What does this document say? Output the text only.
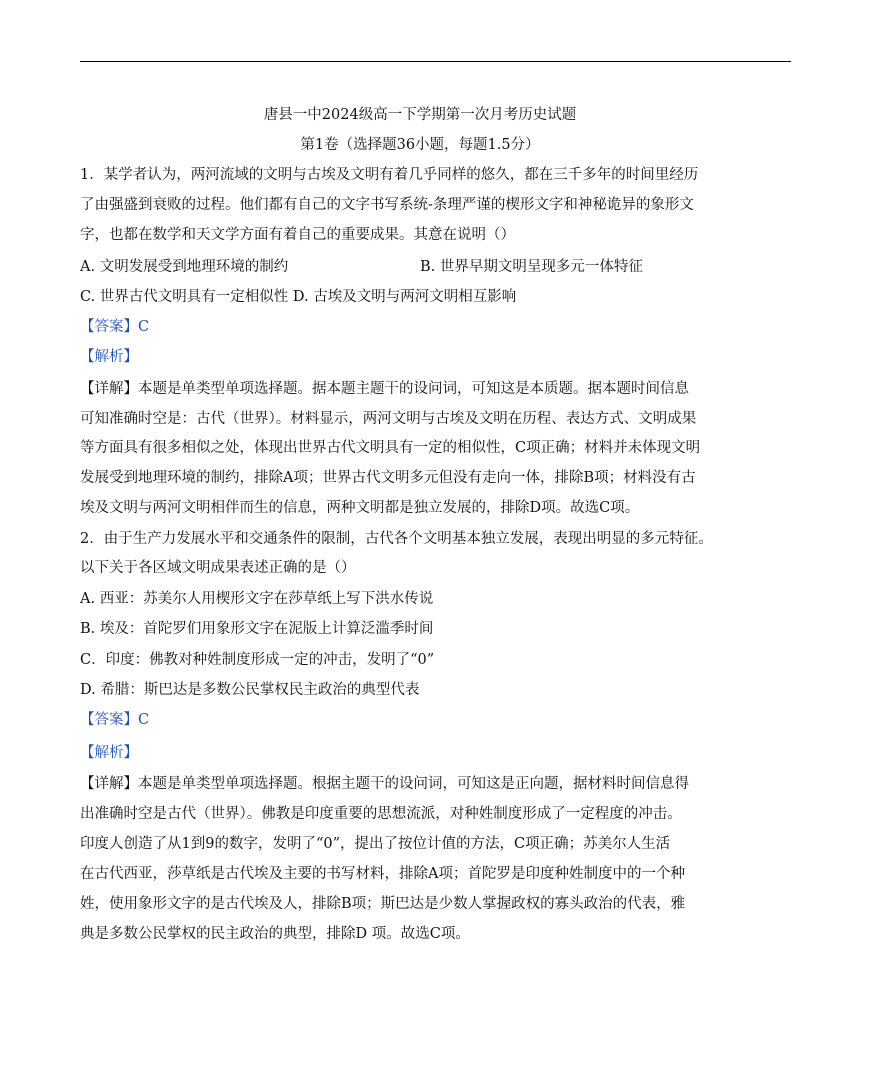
唐县一中2024级高一下学期第一次月考历史试题
第1卷（选择题36小题，每题1.5分）
1．某学者认为，两河流域的文明与古埃及文明有着几乎同样的悠久，都在三千多年的时间里经历
了由强盛到衰败的过程。他们都有自己的文字书写系统-条理严谨的楔形文字和神秘诡异的象形文
字，也都在数学和天文学方面有着自己的重要成果。其意在说明（）
A. 文明发展受到地理环境的制约	B. 世界早期文明呈现多元一体特征
C. 世界古代文明具有一定相似性 D. 古埃及文明与两河文明相互影响
【答案】C
【解析】
【详解】本题是单类型单项选择题。据本题主题干的设问词，可知这是本质题。据本题时间信息
可知准确时空是：古代（世界）。材料显示，两河文明与古埃及文明在历程、表达方式、文明成果
等方面具有很多相似之处，体现出世界古代文明具有一定的相似性，C项正确；材料并未体现文明
发展受到地理环境的制约，排除A项；世界古代文明多元但没有走向一体，排除B项；材料没有古
埃及文明与两河文明相伴而生的信息，两种文明都是独立发展的，排除D项。故选C项。
2．由于生产力发展水平和交通条件的限制，古代各个文明基本独立发展，表现出明显的多元特征。
以下关于各区域文明成果表述正确的是（）
A. 西亚：苏美尔人用楔形文字在莎草纸上写下洪水传说
B. 埃及：首陀罗们用象形文字在泥版上计算泛滥季时间
C．印度：佛教对种姓制度形成一定的冲击，发明了“0”
D. 希腊：斯巴达是多数公民掌权民主政治的典型代表
【答案】C
【解析】
【详解】本题是单类型单项选择题。根据主题干的设问词，可知这是正向题，据材料时间信息得
出准确时空是古代（世界）。佛教是印度重要的思想流派，对种姓制度形成了一定程度的冲击。
印度人创造了从1到9的数字，发明了“0”，提出了按位计值的方法，C项正确；苏美尔人生活
在古代西亚，莎草纸是古代埃及主要的书写材料，排除A项；首陀罗是印度种姓制度中的一个种
姓，使用象形文字的是古代埃及人，排除B项；斯巴达是少数人掌握政权的寡头政治的代表，雅
典是多数公民掌权的民主政治的典型，排除D 项。故选C项。
